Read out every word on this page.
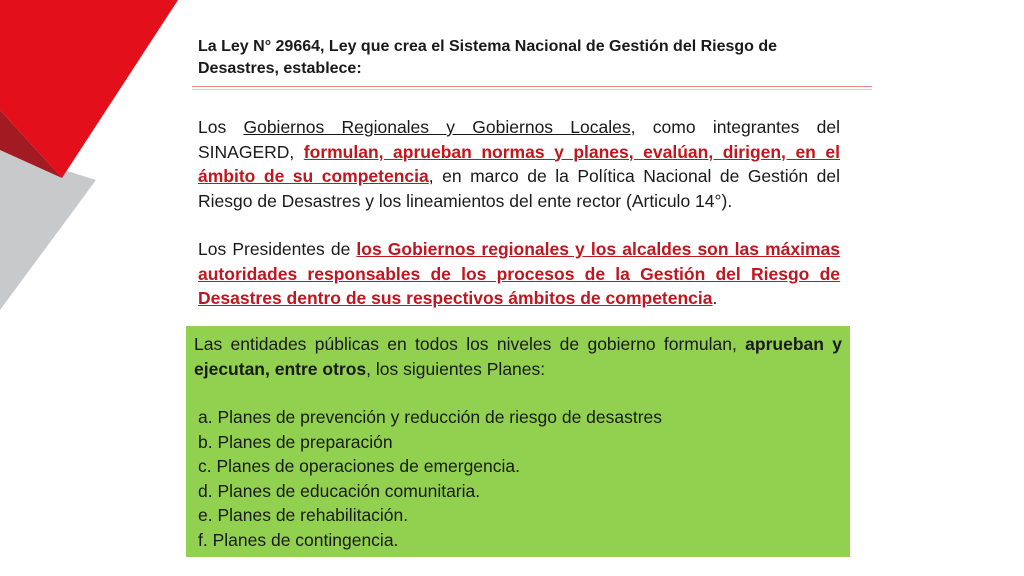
La Ley N° 29664, Ley que crea el Sistema Nacional de Gestión del Riesgo de Desastres, establece:

Los Gobiernos Regionales y Gobiernos Locales, como integrantes del SINAGERD, formulan, aprueban normas y planes, evalúan, dirigen, en el ámbito de su competencia, en marco de la Política Nacional de Gestión del Riesgo de Desastres y los lineamientos del ente rector (Articulo 14°).

Los Presidentes de los Gobiernos regionales y los alcaldes son las máximas autoridades responsables de los procesos de la Gestión del Riesgo de Desastres dentro de sus respectivos ámbitos de competencia.

Las entidades públicas en todos los niveles de gobierno formulan, aprueban y ejecutan, entre otros, los siguientes Planes:

a. Planes de prevención y reducción de riesgo de desastres
b. Planes de preparación
c. Planes de operaciones de emergencia.
d. Planes de educación comunitaria.
e. Planes de rehabilitación.
f. Planes de contingencia.
